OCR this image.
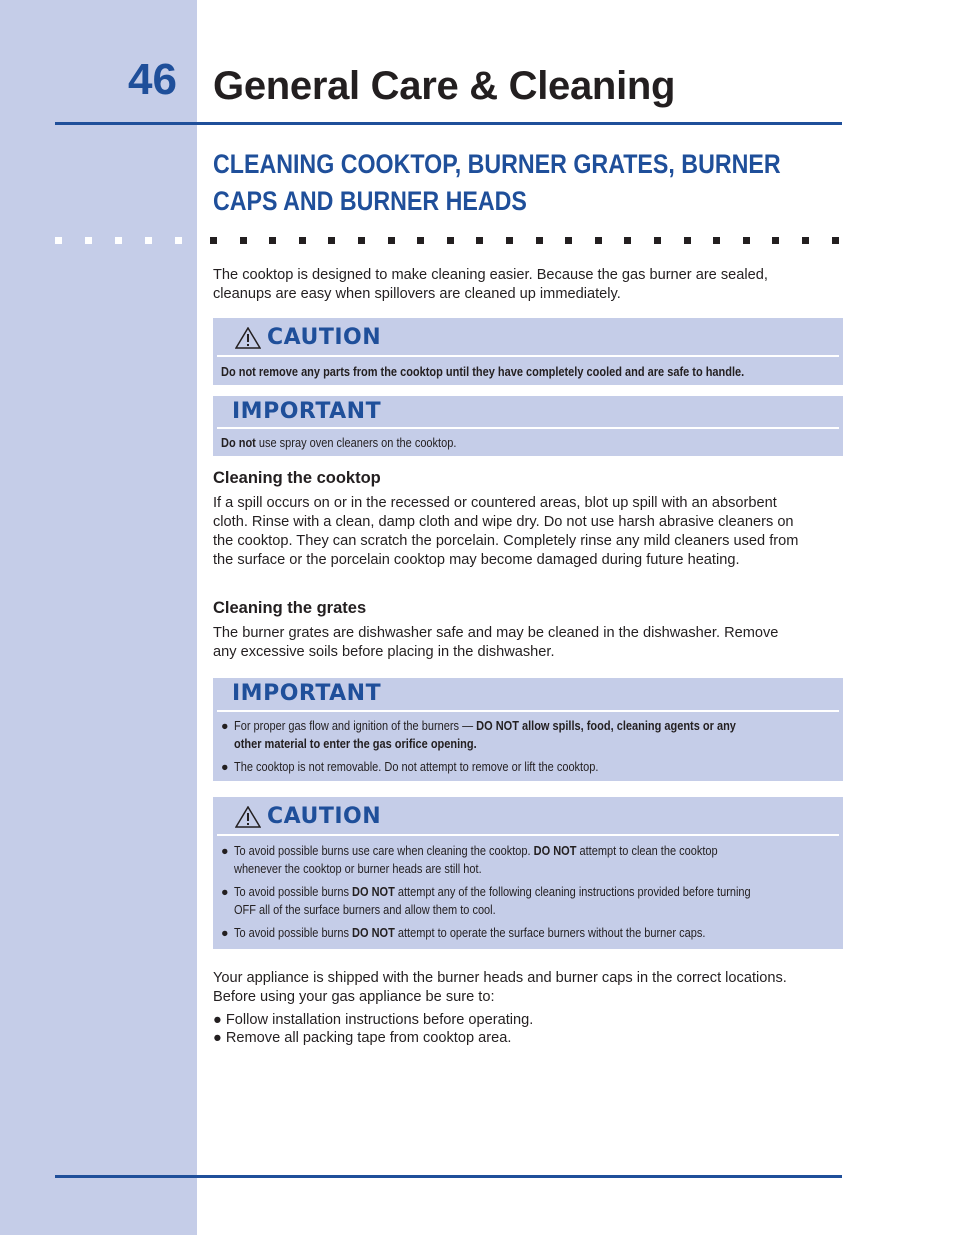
46 General Care & Cleaning
CLEANING COOKTOP, BURNER GRATES, BURNER
CAPS AND BURNER HEADS
The cooktop is designed to make cleaning easier. Because the gas burner are sealed,
cleanups are easy when spillovers are cleaned up immediately.
CAUTION
Do not remove any parts from the cooktop until they have completely cooled and are safe to handle.
IMPORTANT
Do not use spray oven cleaners on the cooktop.
Cleaning the cooktop
If a spill occurs on or in the recessed or countered areas, blot up spill with an absorbent
cloth. Rinse with a clean, damp cloth and wipe dry. Do not use harsh abrasive cleaners on
the cooktop. They can scratch the porcelain. Completely rinse any mild cleaners used from
the surface or the porcelain cooktop may become damaged during future heating.
Cleaning the grates
The burner grates are dishwasher safe and may be cleaned in the dishwasher. Remove
any excessive soils before placing in the dishwasher.
IMPORTANT
● For proper gas flow and ignition of the burners — DO NOT allow spills, food, cleaning agents or any
other material to enter the gas orifice opening.
● The cooktop is not removable. Do not attempt to remove or lift the cooktop.
CAUTION
● To avoid possible burns use care when cleaning the cooktop. DO NOT attempt to clean the cooktop
whenever the cooktop or burner heads are still hot.
● To avoid possible burns DO NOT attempt any of the following cleaning instructions provided before turning
OFF all of the surface burners and allow them to cool.
● To avoid possible burns DO NOT attempt to operate the surface burners without the burner caps.
Your appliance is shipped with the burner heads and burner caps in the correct locations.
Before using your gas appliance be sure to:
● Follow installation instructions before operating.
● Remove all packing tape from cooktop area.
